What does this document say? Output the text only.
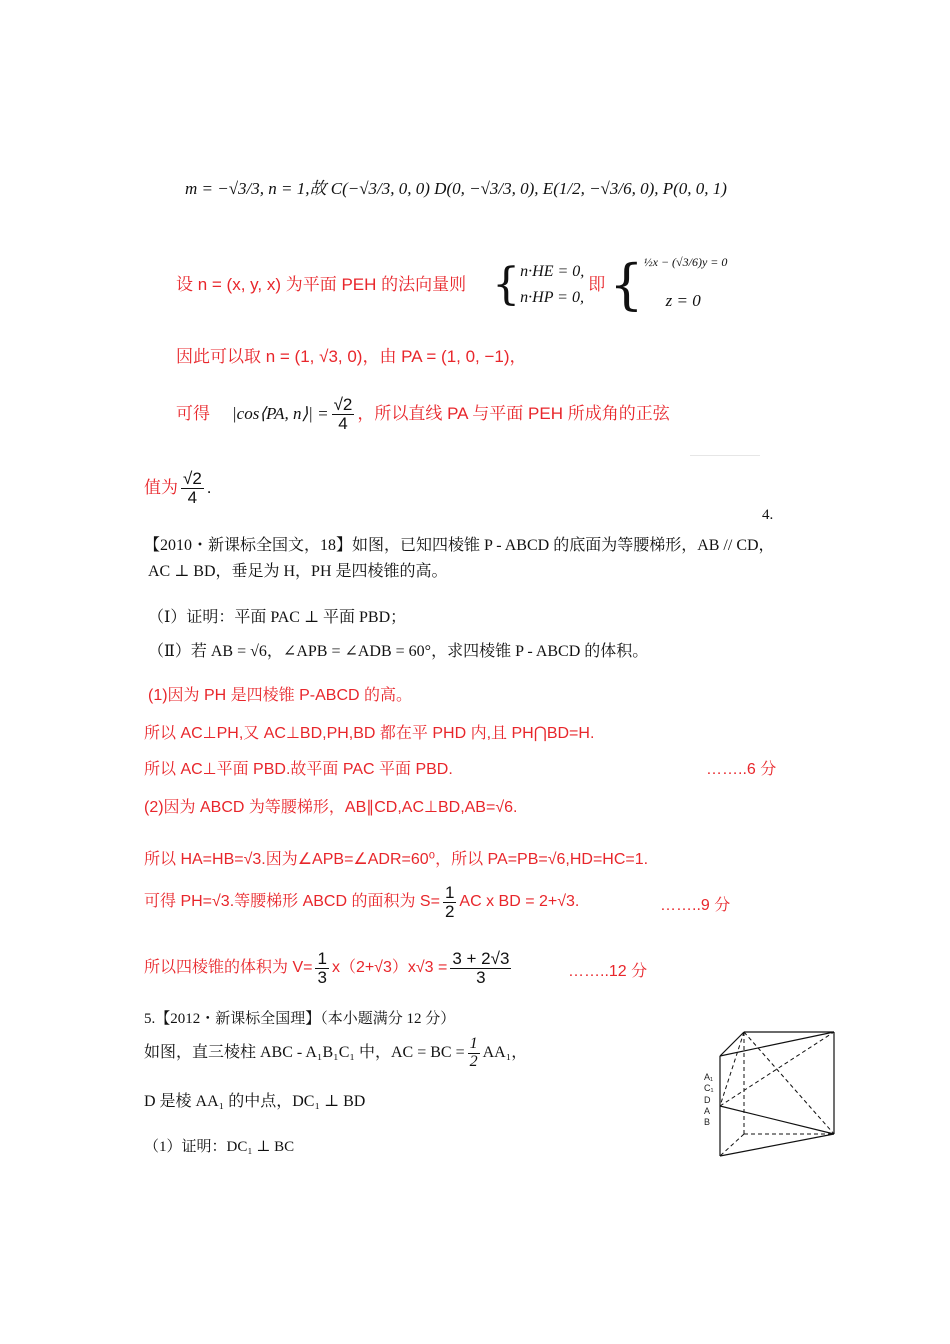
m = −√3/3, n = 1,故 C(−√3/3, 0, 0) D(0, −√3/3, 0), E(1/2, −√3/6, 0), P(0, 0, 1)
设 n = (x, y, x) 为平面 PEH 的法向量则 { n·HE = 0,
n·HP = 0,
即 { ½x − (√3/6)y = 0
z = 0
因此可以取 n = (1, √3, 0)，由 PA = (1, 0, −1)，
可得 |cos⟨PA, n⟩| = $\frac{√2}{4}$ ，所以直线 PA 与平面 PEH 所成角的正弦
值为 $\frac{√2}{4}$ .
4.
【2010・新课标全国文，18】如图，已知四棱锥 P - ABCD 的底面为等腰梯形，AB // CD，
AC ⊥ BD，垂足为 H，PH 是四棱锥的高。
（Ⅰ）证明：平面 PAC ⊥ 平面 PBD；
（Ⅱ）若 AB = √6，∠APB = ∠ADB = 60°，求四棱锥 P - ABCD 的体积。
(1)因为 PH 是四棱锥 P-ABCD 的高。
所以 AC⊥PH,又 AC⊥BD,PH,BD 都在平 PHD 内,且 PH⋂BD=H.
所以 AC⊥平面 PBD.故平面 PAC 平面 PBD.	……..6 分
(2)因为 ABCD 为等腰梯形，AB∥CD,AC⊥BD,AB=√6.
所以 HA=HB=√3.因为∠APB=∠ADR=60⁰，所以 PA=PB=√6,HD=HC=1.
可得 PH=√3.等腰梯形 ABCD 的面积为 $S= \frac{1}{2}$ AC x BD = 2+√3.	……..9 分
所以四棱锥的体积为 $V= \frac{1}{3} x(2+√3)x√3 = \frac{3 + 2√3}{3}$	……..12 分
5.【2012・新课标全国理】（本小题满分 12 分）
如图，直三棱柱 ABC - A₁B₁C₁ 中，AC = BC = $\frac{1}{2} AA_1$，
D 是棱 AA₁ 的中点，DC₁ ⊥ BD
（1）证明：DC₁ ⊥ BC
A₁
C₁
D
A
B
